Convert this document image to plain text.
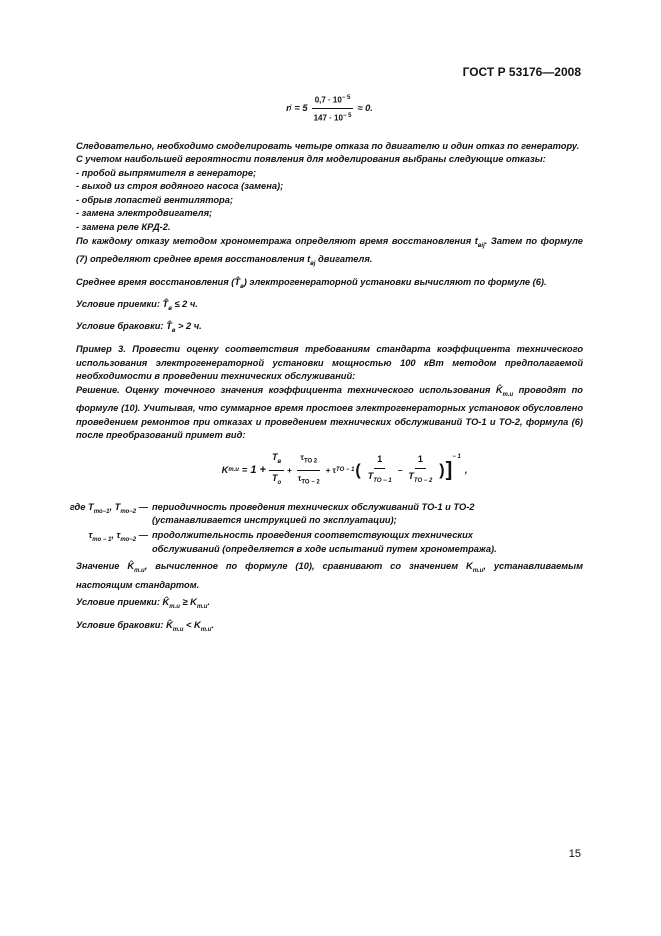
ГОСТ Р 53176—2008
r $j = 5 \frac{0,7 \cdot 10^{- 5}}{147 \cdot 10^{- 5}} \approx 0$.

Следовательно, необходимо смоделировать четыре отказа по двигателю и один отказ по генератору.

С учетом наибольшей вероятности появления для моделирования выбраны следующие отказы:

- пробой выпрямителя в генераторе;
- выход из строя водяного насоса (замена);
- обрыв лопастей вентилятора;
- замена электродвигателя;
- замена реле КРД-2.

По каждому отказу методом хронометража определяют время восстановления $t_{вij}$. Затем по формуле (7) определяют среднее время восстановления $t_{вj}$ двигателя.

Среднее время восстановления $(T̂_в)$ электрогенераторной установки вычисляют по формуле (6).

Условие приемки: $T̂_в \le 2$ ч.

Условие браковки: $T̂_в > 2$ ч.

Пример 3. Провести оценку соответствия требованиям стандарта коэффициента технического использования электрогенераторной установки мощностью 100 кВт методом предполагаемой необходимости в проведении технических обслуживаний:

Решение. Оценку точечного значения коэффициента технического использования $K̂_{т.и}$ проводят по формуле (10). Учитывая, что суммарное время простоев электрогенераторных установок обусловлено проведением ремонтов при отказах и проведением технических обслуживаний ТО-1 и ТО-2, формула (6) после преобразований примет вид:

K $т.и = 1 + \frac{T_в}{T_о} + \frac{\tau_{ТО 2}}{\tau_{ТО - 2}} + \tau$ ТО − 1 ( $\frac{1}{T_{ТО - 1}} - \frac{1}{T_{ТО - 2}}$ ) ]
$^{- 1}$
,
где $T_{то-1}$, $T_{то-2}$ — периодичность проведения технических обслуживаний ТО-1 и ТО-2 (устанавливается инструкцией по эксплуатации);
$\tau_{то - 1}$, $\tau_{то-2}$ — продолжительность проведения соответствующих технических обслуживаний (определяется в ходе испытаний путем хронометража).

Значение $K̂_{т.и}$, вычисленное по формуле (10), сравнивают со значением $K_{т.и}$, устанавливаемым настоящим стандартом.

Условие приемки: $K̂_{т.и} \ge K_{т.и}$.

Условие браковки: $K̂_{т.и} < K_{т.и}$.

15
